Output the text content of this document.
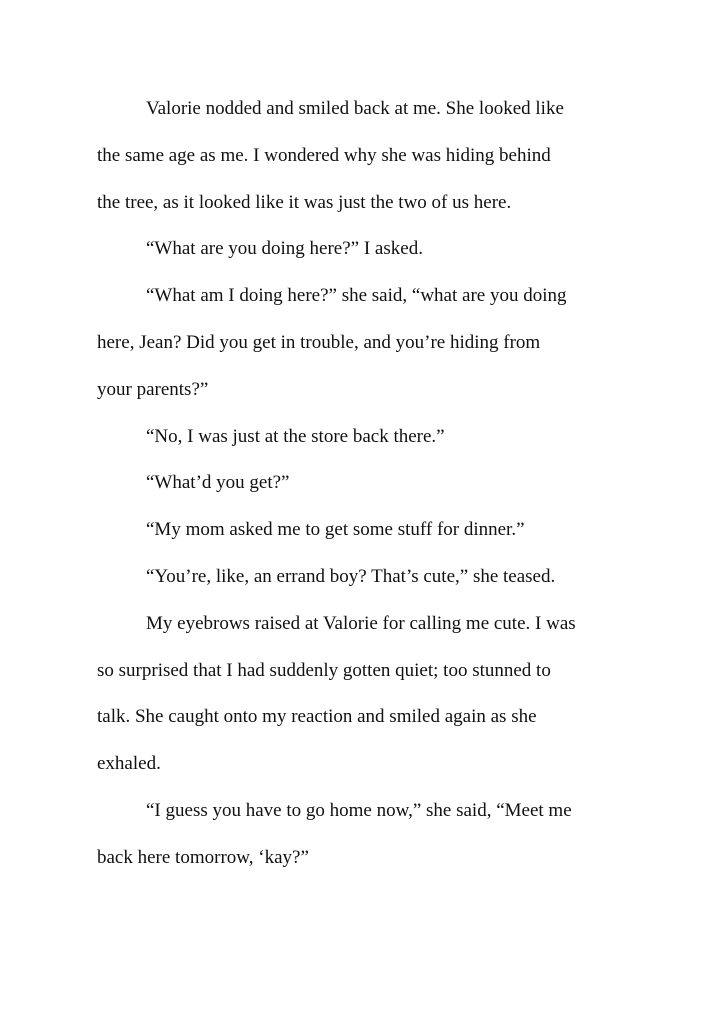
Valorie nodded and smiled back at me. She looked like
the same age as me. I wondered why she was hiding behind
the tree, as it looked like it was just the two of us here.
“What are you doing here?” I asked.
“What am I doing here?” she said, “what are you doing
here, Jean? Did you get in trouble, and you’re hiding from
your parents?”
“No, I was just at the store back there.”
“What’d you get?”
“My mom asked me to get some stuff for dinner.”
“You’re, like, an errand boy? That’s cute,” she teased.
My eyebrows raised at Valorie for calling me cute. I was
so surprised that I had suddenly gotten quiet; too stunned to
talk. She caught onto my reaction and smiled again as she
exhaled.
“I guess you have to go home now,” she said, “Meet me
back here tomorrow, ‘kay?”
